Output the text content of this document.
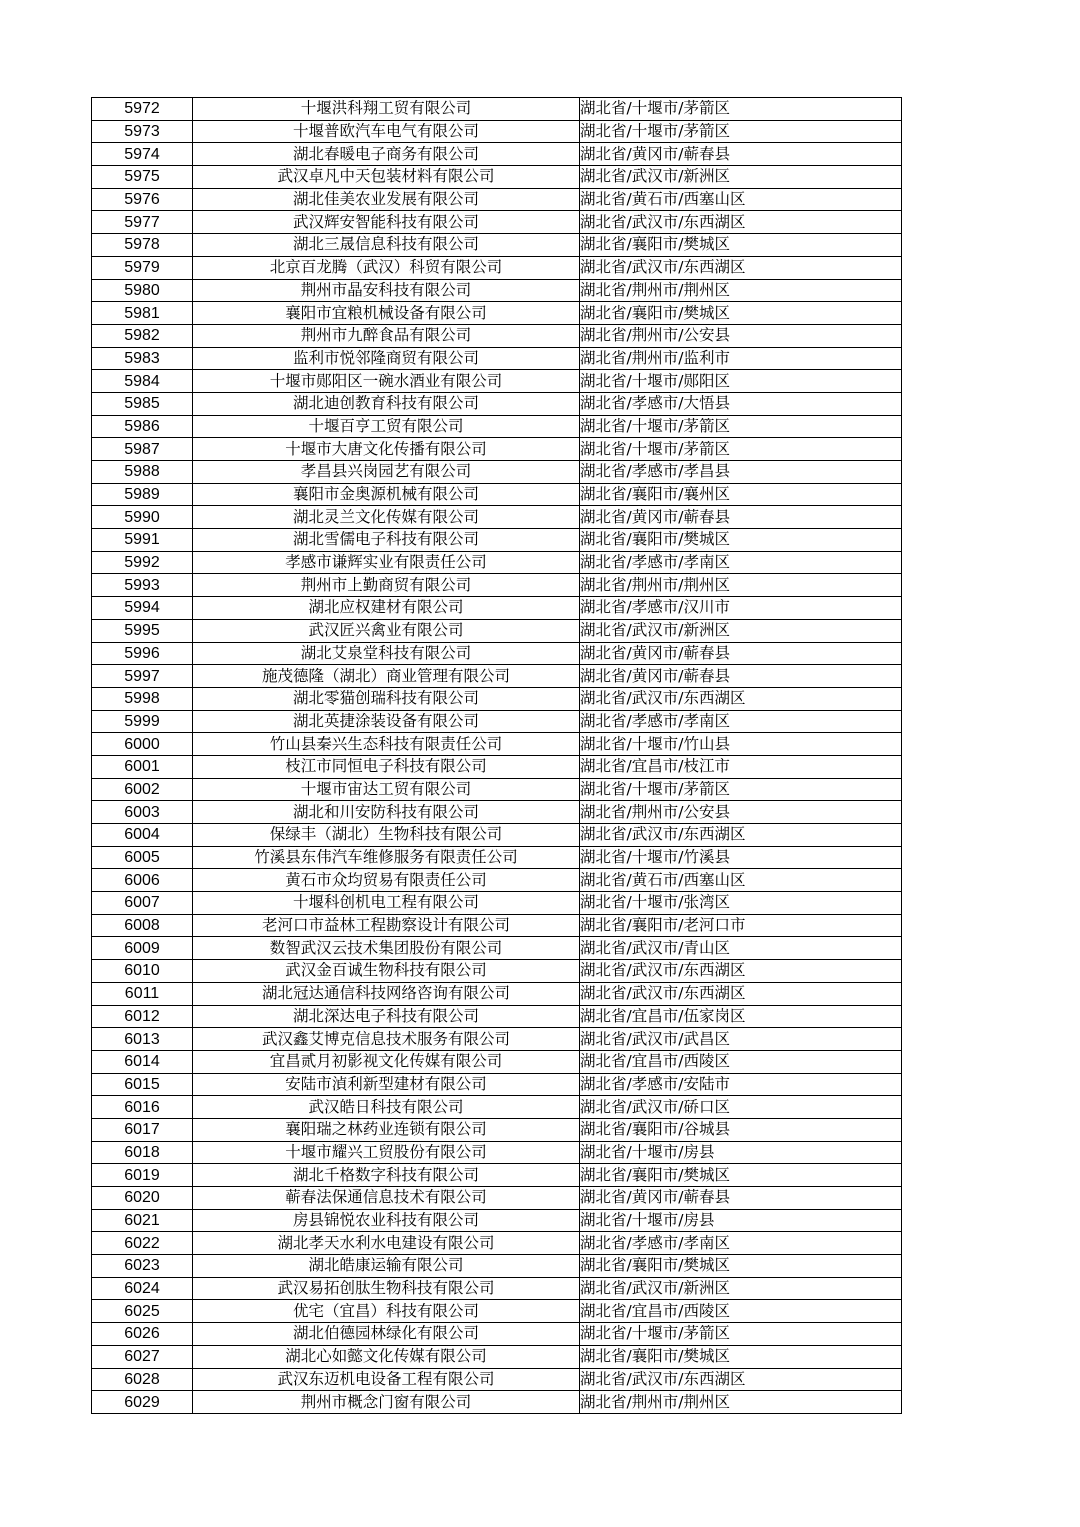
5972	十堰洪科翔工贸有限公司	湖北省/十堰市/茅箭区
5973	十堰普欧汽车电气有限公司	湖北省/十堰市/茅箭区
5974	湖北春暖电子商务有限公司	湖北省/黄冈市/蕲春县
5975	武汉卓凡中天包装材料有限公司	湖北省/武汉市/新洲区
5976	湖北佳美农业发展有限公司	湖北省/黄石市/西塞山区
5977	武汉辉安智能科技有限公司	湖北省/武汉市/东西湖区
5978	湖北三晟信息科技有限公司	湖北省/襄阳市/樊城区
5979	北京百龙腾（武汉）科贸有限公司	湖北省/武汉市/东西湖区
5980	荆州市晶安科技有限公司	湖北省/荆州市/荆州区
5981	襄阳市宜粮机械设备有限公司	湖北省/襄阳市/樊城区
5982	荆州市九醉食品有限公司	湖北省/荆州市/公安县
5983	监利市悦邻隆商贸有限公司	湖北省/荆州市/监利市
5984	十堰市郧阳区一碗水酒业有限公司	湖北省/十堰市/郧阳区
5985	湖北迪创教育科技有限公司	湖北省/孝感市/大悟县
5986	十堰百亨工贸有限公司	湖北省/十堰市/茅箭区
5987	十堰市大唐文化传播有限公司	湖北省/十堰市/茅箭区
5988	孝昌县兴岗园艺有限公司	湖北省/孝感市/孝昌县
5989	襄阳市金奥源机械有限公司	湖北省/襄阳市/襄州区
5990	湖北灵兰文化传媒有限公司	湖北省/黄冈市/蕲春县
5991	湖北雪儒电子科技有限公司	湖北省/襄阳市/樊城区
5992	孝感市谦辉实业有限责任公司	湖北省/孝感市/孝南区
5993	荆州市上勤商贸有限公司	湖北省/荆州市/荆州区
5994	湖北应权建材有限公司	湖北省/孝感市/汉川市
5995	武汉匠兴禽业有限公司	湖北省/武汉市/新洲区
5996	湖北艾泉堂科技有限公司	湖北省/黄冈市/蕲春县
5997	施茂德隆（湖北）商业管理有限公司	湖北省/黄冈市/蕲春县
5998	湖北零猫创瑞科技有限公司	湖北省/武汉市/东西湖区
5999	湖北英捷涂装设备有限公司	湖北省/孝感市/孝南区
6000	竹山县秦兴生态科技有限责任公司	湖北省/十堰市/竹山县
6001	枝江市同恒电子科技有限公司	湖北省/宜昌市/枝江市
6002	十堰市宙达工贸有限公司	湖北省/十堰市/茅箭区
6003	湖北和川安防科技有限公司	湖北省/荆州市/公安县
6004	保绿丰（湖北）生物科技有限公司	湖北省/武汉市/东西湖区
6005	竹溪县东伟汽车维修服务有限责任公司	湖北省/十堰市/竹溪县
6006	黄石市众均贸易有限责任公司	湖北省/黄石市/西塞山区
6007	十堰科创机电工程有限公司	湖北省/十堰市/张湾区
6008	老河口市益林工程勘察设计有限公司	湖北省/襄阳市/老河口市
6009	数智武汉云技术集团股份有限公司	湖北省/武汉市/青山区
6010	武汉金百诚生物科技有限公司	湖北省/武汉市/东西湖区
6011	湖北冠达通信科技网络咨询有限公司	湖北省/武汉市/东西湖区
6012	湖北深达电子科技有限公司	湖北省/宜昌市/伍家岗区
6013	武汉鑫艾博克信息技术服务有限公司	湖北省/武汉市/武昌区
6014	宜昌贰月初影视文化传媒有限公司	湖北省/宜昌市/西陵区
6015	安陆市湞利新型建材有限公司	湖北省/孝感市/安陆市
6016	武汉皓日科技有限公司	湖北省/武汉市/硚口区
6017	襄阳瑞之林药业连锁有限公司	湖北省/襄阳市/谷城县
6018	十堰市耀兴工贸股份有限公司	湖北省/十堰市/房县
6019	湖北千格数字科技有限公司	湖北省/襄阳市/樊城区
6020	蕲春法保通信息技术有限公司	湖北省/黄冈市/蕲春县
6021	房县锦悦农业科技有限公司	湖北省/十堰市/房县
6022	湖北孝天水利水电建设有限公司	湖北省/孝感市/孝南区
6023	湖北皓康运输有限公司	湖北省/襄阳市/樊城区
6024	武汉易拓创肽生物科技有限公司	湖北省/武汉市/新洲区
6025	优宅（宜昌）科技有限公司	湖北省/宜昌市/西陵区
6026	湖北伯德园林绿化有限公司	湖北省/十堰市/茅箭区
6027	湖北心如懿文化传媒有限公司	湖北省/襄阳市/樊城区
6028	武汉东迈机电设备工程有限公司	湖北省/武汉市/东西湖区
6029	荆州市概念门窗有限公司	湖北省/荆州市/荆州区
